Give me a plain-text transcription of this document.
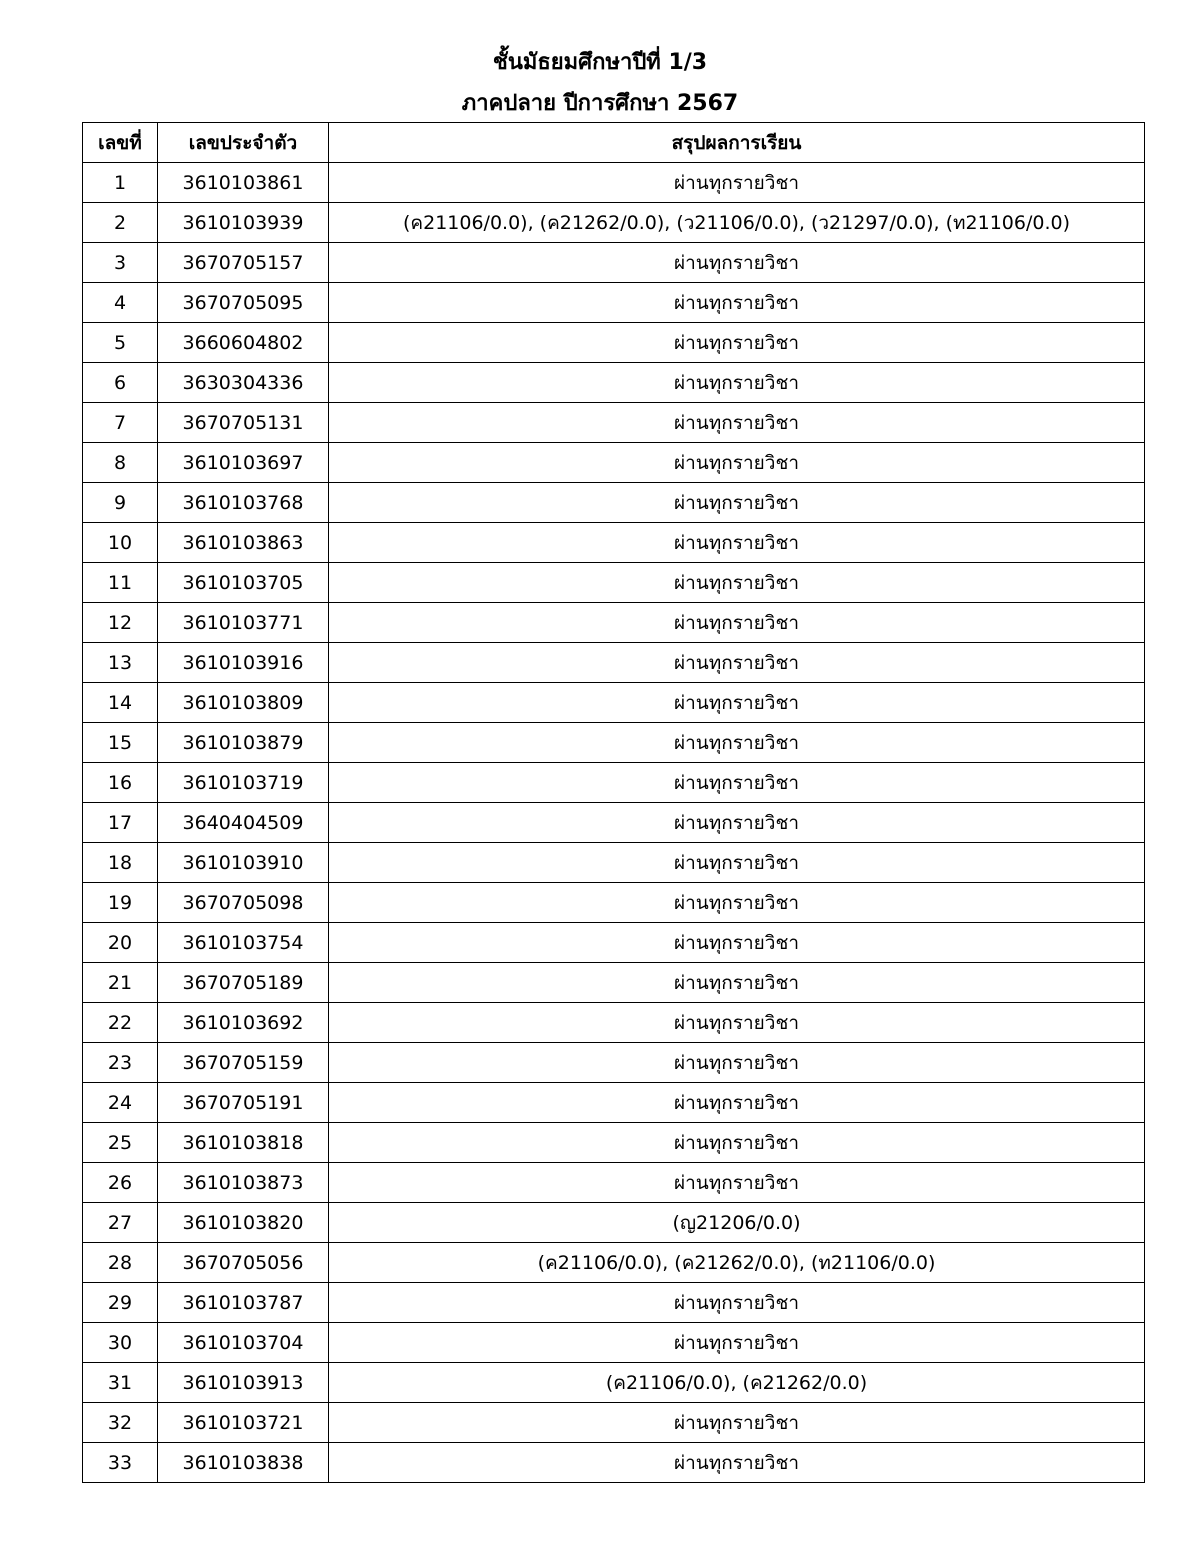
ชั้นมัธยมศึกษาปีที่ 1/3
ภาคปลาย ปีการศึกษา 2567
เลขที่	เลขประจำตัว	สรุปผลการเรียน
1	3610103861	ผ่านทุกรายวิชา
2	3610103939	(ค21106/0.0), (ค21262/0.0), (ว21106/0.0), (ว21297/0.0), (ท21106/0.0)
3	3670705157	ผ่านทุกรายวิชา
4	3670705095	ผ่านทุกรายวิชา
5	3660604802	ผ่านทุกรายวิชา
6	3630304336	ผ่านทุกรายวิชา
7	3670705131	ผ่านทุกรายวิชา
8	3610103697	ผ่านทุกรายวิชา
9	3610103768	ผ่านทุกรายวิชา
10	3610103863	ผ่านทุกรายวิชา
11	3610103705	ผ่านทุกรายวิชา
12	3610103771	ผ่านทุกรายวิชา
13	3610103916	ผ่านทุกรายวิชา
14	3610103809	ผ่านทุกรายวิชา
15	3610103879	ผ่านทุกรายวิชา
16	3610103719	ผ่านทุกรายวิชา
17	3640404509	ผ่านทุกรายวิชา
18	3610103910	ผ่านทุกรายวิชา
19	3670705098	ผ่านทุกรายวิชา
20	3610103754	ผ่านทุกรายวิชา
21	3670705189	ผ่านทุกรายวิชา
22	3610103692	ผ่านทุกรายวิชา
23	3670705159	ผ่านทุกรายวิชา
24	3670705191	ผ่านทุกรายวิชา
25	3610103818	ผ่านทุกรายวิชา
26	3610103873	ผ่านทุกรายวิชา
27	3610103820	(ญ21206/0.0)
28	3670705056	(ค21106/0.0), (ค21262/0.0), (ท21106/0.0)
29	3610103787	ผ่านทุกรายวิชา
30	3610103704	ผ่านทุกรายวิชา
31	3610103913	(ค21106/0.0), (ค21262/0.0)
32	3610103721	ผ่านทุกรายวิชา
33	3610103838	ผ่านทุกรายวิชา
